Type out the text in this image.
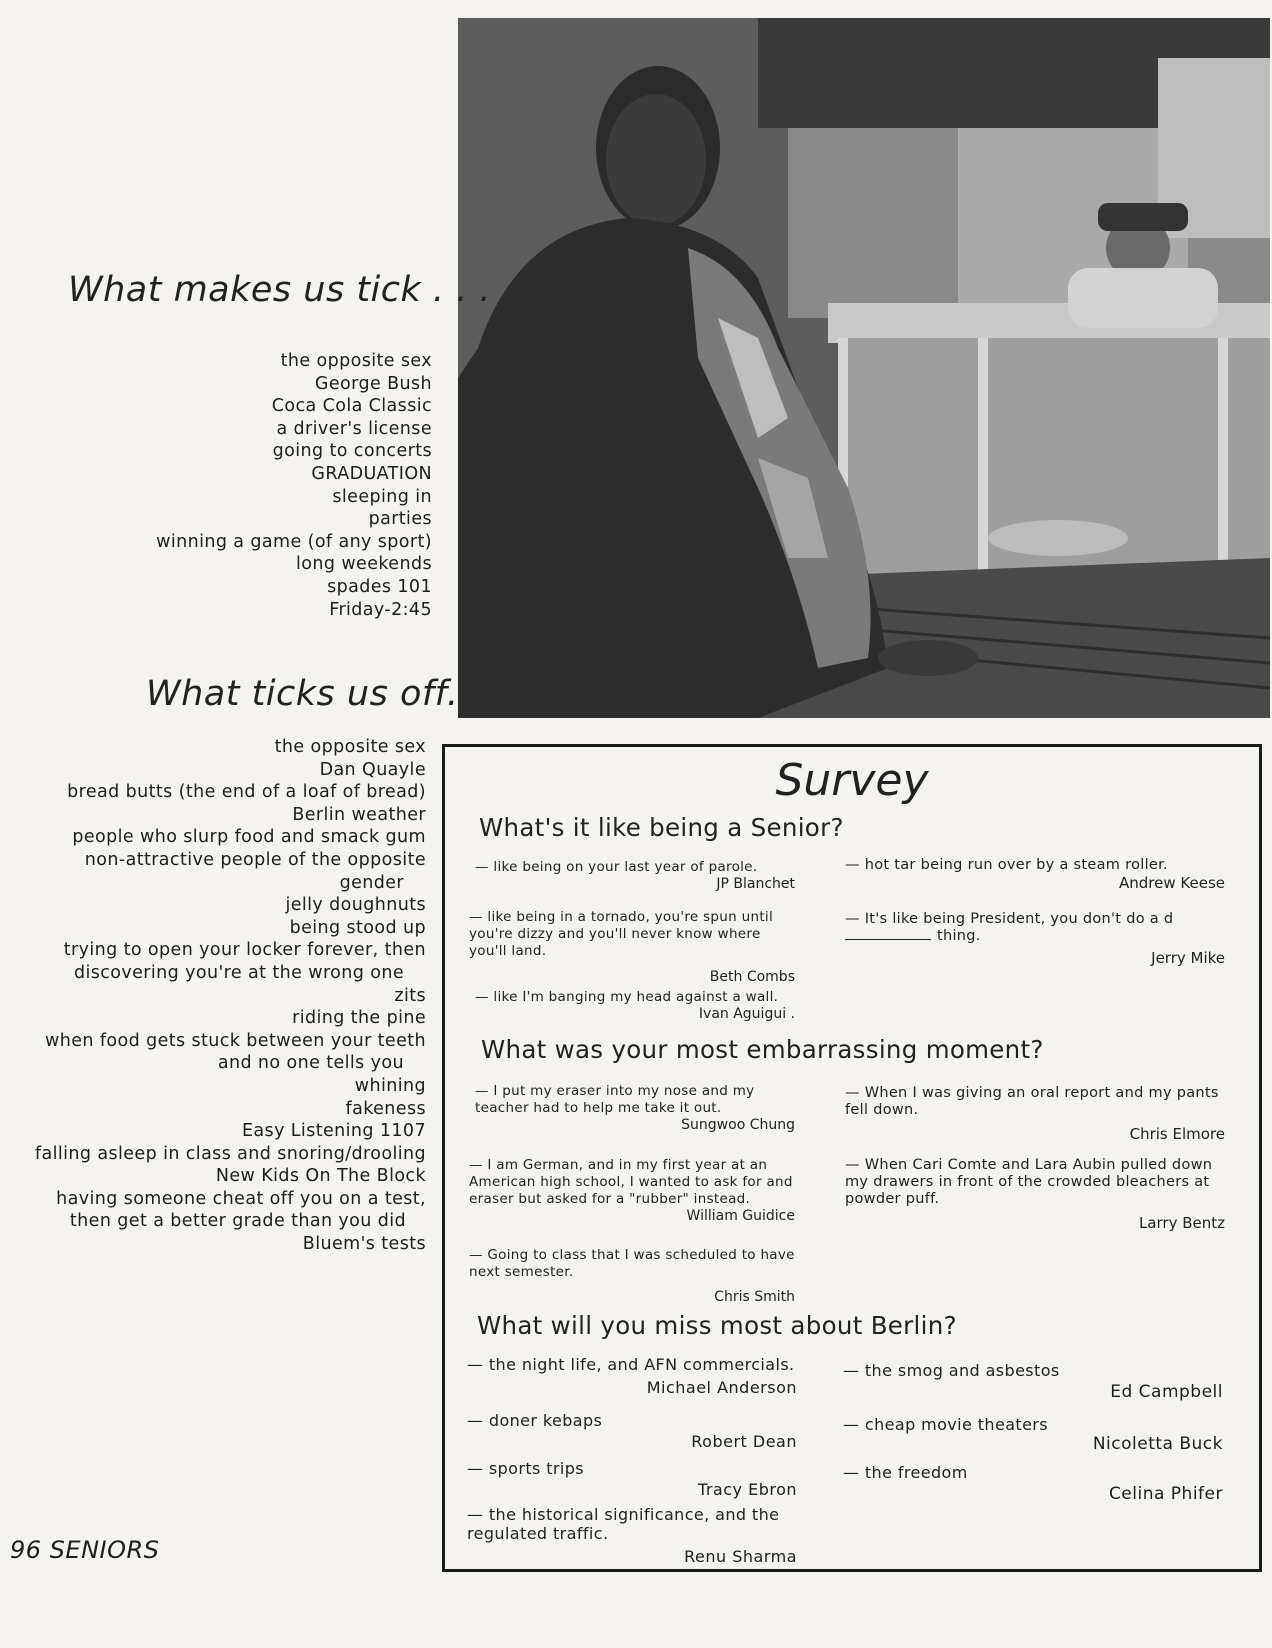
What makes us tick . . .
the opposite sex
George Bush
Coca Cola Classic
a driver's license
going to concerts
GRADUATION
sleeping in
parties
winning a game (of any sport)
long weekends
spades 101
Friday-2:45
What ticks us off.
the opposite sex
Dan Quayle
bread butts (the end of a loaf of bread)
Berlin weather
people who slurp food and smack gum
non-attractive people of the opposite
gender
jelly doughnuts
being stood up
trying to open your locker forever, then
discovering you're at the wrong one
zits
riding the pine
when food gets stuck between your teeth
and no one tells you
whining
fakeness
Easy Listening 1107
falling asleep in class and snoring/drooling
New Kids On The Block
having someone cheat off you on a test,
then get a better grade than you did
Bluem's tests
Survey
What's it like being a Senior?
— like being on your last year of parole.
JP Blanchet
— like being in a tornado, you're spun until you're dizzy and you'll never know where you'll land.
Beth Combs
— like I'm banging my head against a wall.
Ivan Aguigui .
— hot tar being run over by a steam roller.
Andrew Keese
— It's like being President, you don't do a dthing.
Jerry Mike
What was your most embarrassing moment?
— I put my eraser into my nose and my teacher had to help me take it out.
Sungwoo Chung
— I am German, and in my first year at an American high school, I wanted to ask for and eraser but asked for a "rubber" instead.
William Guidice
— Going to class that I was scheduled to have next semester.
Chris Smith
— When I was giving an oral report and my pants fell down.
Chris Elmore
— When Cari Comte and Lara Aubin pulled down my drawers in front of the crowded bleachers at powder puff.
Larry Bentz
What will you miss most about Berlin?
— the night life, and AFN commercials.
Michael Anderson
— doner kebaps
Robert Dean
— sports trips
Tracy Ebron
— the historical significance, and the regulated traffic.
Renu Sharma
— the smog and asbestos
Ed Campbell
— cheap movie theaters
Nicoletta Buck
— the freedom
Celina Phifer
96 SENIORS
